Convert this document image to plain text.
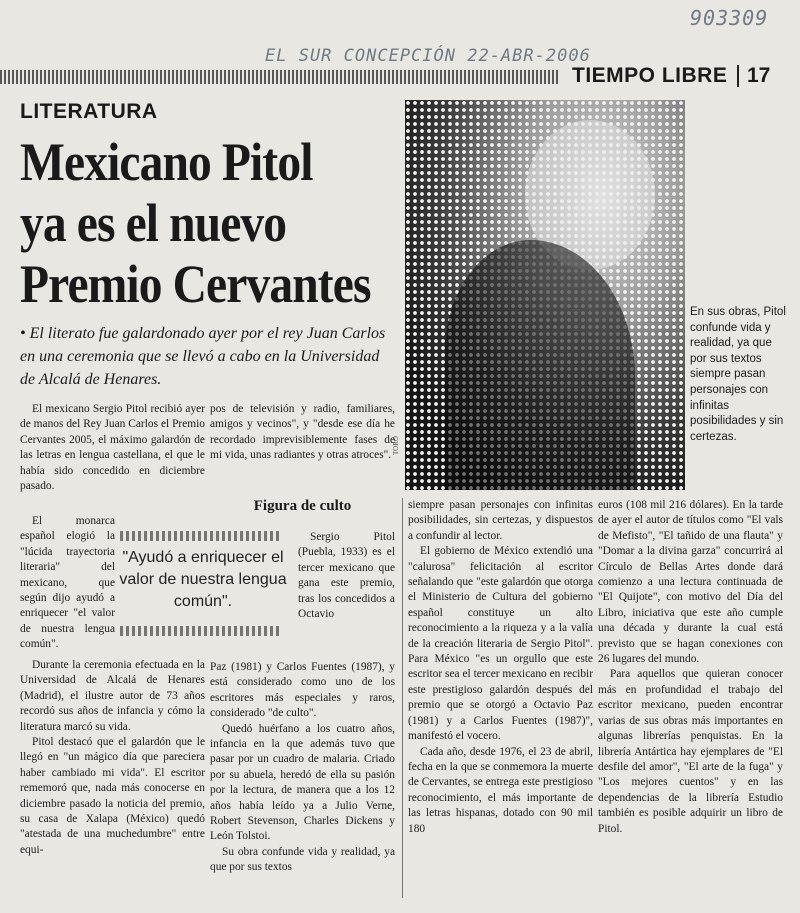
903309
EL SUR CONCEPCIÓN 22-ABR-2006
TIEMPO LIBRE 17
LITERATURA
Mexicano Pitol
ya es el nuevo
Premio Cervantes
• El literato fue galardonado ayer por el rey Juan Carlos en una ceremonia que se llevó a cabo en la Universidad de Alcalá de Henares.
TORO
En sus obras, Pitol confunde vida y realidad, ya que por sus textos siempre pasan personajes con infinitas posibilidades y sin certezas.

El mexicano Sergio Pitol recibió ayer de manos del Rey Juan Carlos el Premio Cervantes 2005, el máximo galardón de las letras en lengua castellana, el que le había sido concedido en diciembre pasado.

El monarca español elogió la "lúcida trayectoria literaria" del mexicano, que según dijo ayudó a enriquecer "el valor de nuestra lengua común".

Durante la ceremonia efectuada en la Universidad de Alcalá de Henares (Madrid), el ilustre autor de 73 años recordó sus años de infancia y cómo la literatura marcó su vida.

Pitol destacó que el galardón que le llegó en "un mágico día que pareciera haber cambiado mi vida". El escritor rememoró que, nada más conocerse en diciembre pasado la noticia del premio, su casa de Xalapa (México) quedó "atestada de una muchedumbre" entre equi-

"Ayudó a enriquecer el valor de nuestra lengua común".

pos de televisión y radio, familiares, amigos y vecinos", y "desde ese día he recordado imprevisiblemente fases de mi vida, unas radiantes y otras atroces".

Figura de culto

Sergio Pitol (Puebla, 1933) es el tercer mexicano que gana este premio, tras los concedidos a Octavio

Paz (1981) y Carlos Fuentes (1987), y está considerado como uno de los escritores más especiales y raros, considerado "de culto".

Quedó huérfano a los cuatro años, infancia en la que además tuvo que pasar por un cuadro de malaria. Criado por su abuela, heredó de ella su pasión por la lectura, de manera que a los 12 años había leído ya a Julio Verne, Robert Stevenson, Charles Dickens y León Tolstoi.

Su obra confunde vida y realidad, ya que por sus textos

siempre pasan personajes con infinitas posibilidades, sin certezas, y dispuestos a confundir al lector.

El gobierno de México extendió una "calurosa" felicitación al escritor señalando que "este galardón que otorga el Ministerio de Cultura del gobierno español constituye un alto reconocimiento a la riqueza y a la valía de la creación literaria de Sergio Pitol". Para México "es un orgullo que este escritor sea el tercer mexicano en recibir este prestigioso galardón después del premio que se otorgó a Octavio Paz (1981) y a Carlos Fuentes (1987)", manifestó el vocero.

Cada año, desde 1976, el 23 de abril, fecha en la que se conmemora la muerte de Cervantes, se entrega este prestigioso reconocimiento, el más importante de las letras hispanas, dotado con 90 mil 180

euros (108 mil 216 dólares). En la tarde de ayer el autor de títulos como "El vals de Mefisto", "El tañido de una flauta" y "Domar a la divina garza" concurrirá al Círculo de Bellas Artes donde dará comienzo a una lectura continuada de "El Quijote", con motivo del Día del Libro, iniciativa que este año cumple una década y durante la cual está previsto que se hagan conexiones con 26 lugares del mundo.

Para aquellos que quieran conocer más en profundidad el trabajo del escritor mexicano, pueden encontrar varias de sus obras más importantes en algunas librerías penquistas. En la librería Antártica hay ejemplares de "El desfile del amor", "El arte de la fuga" y "Los mejores cuentos" y en las dependencias de la librería Estudio también es posible adquirir un libro de Pitol.
